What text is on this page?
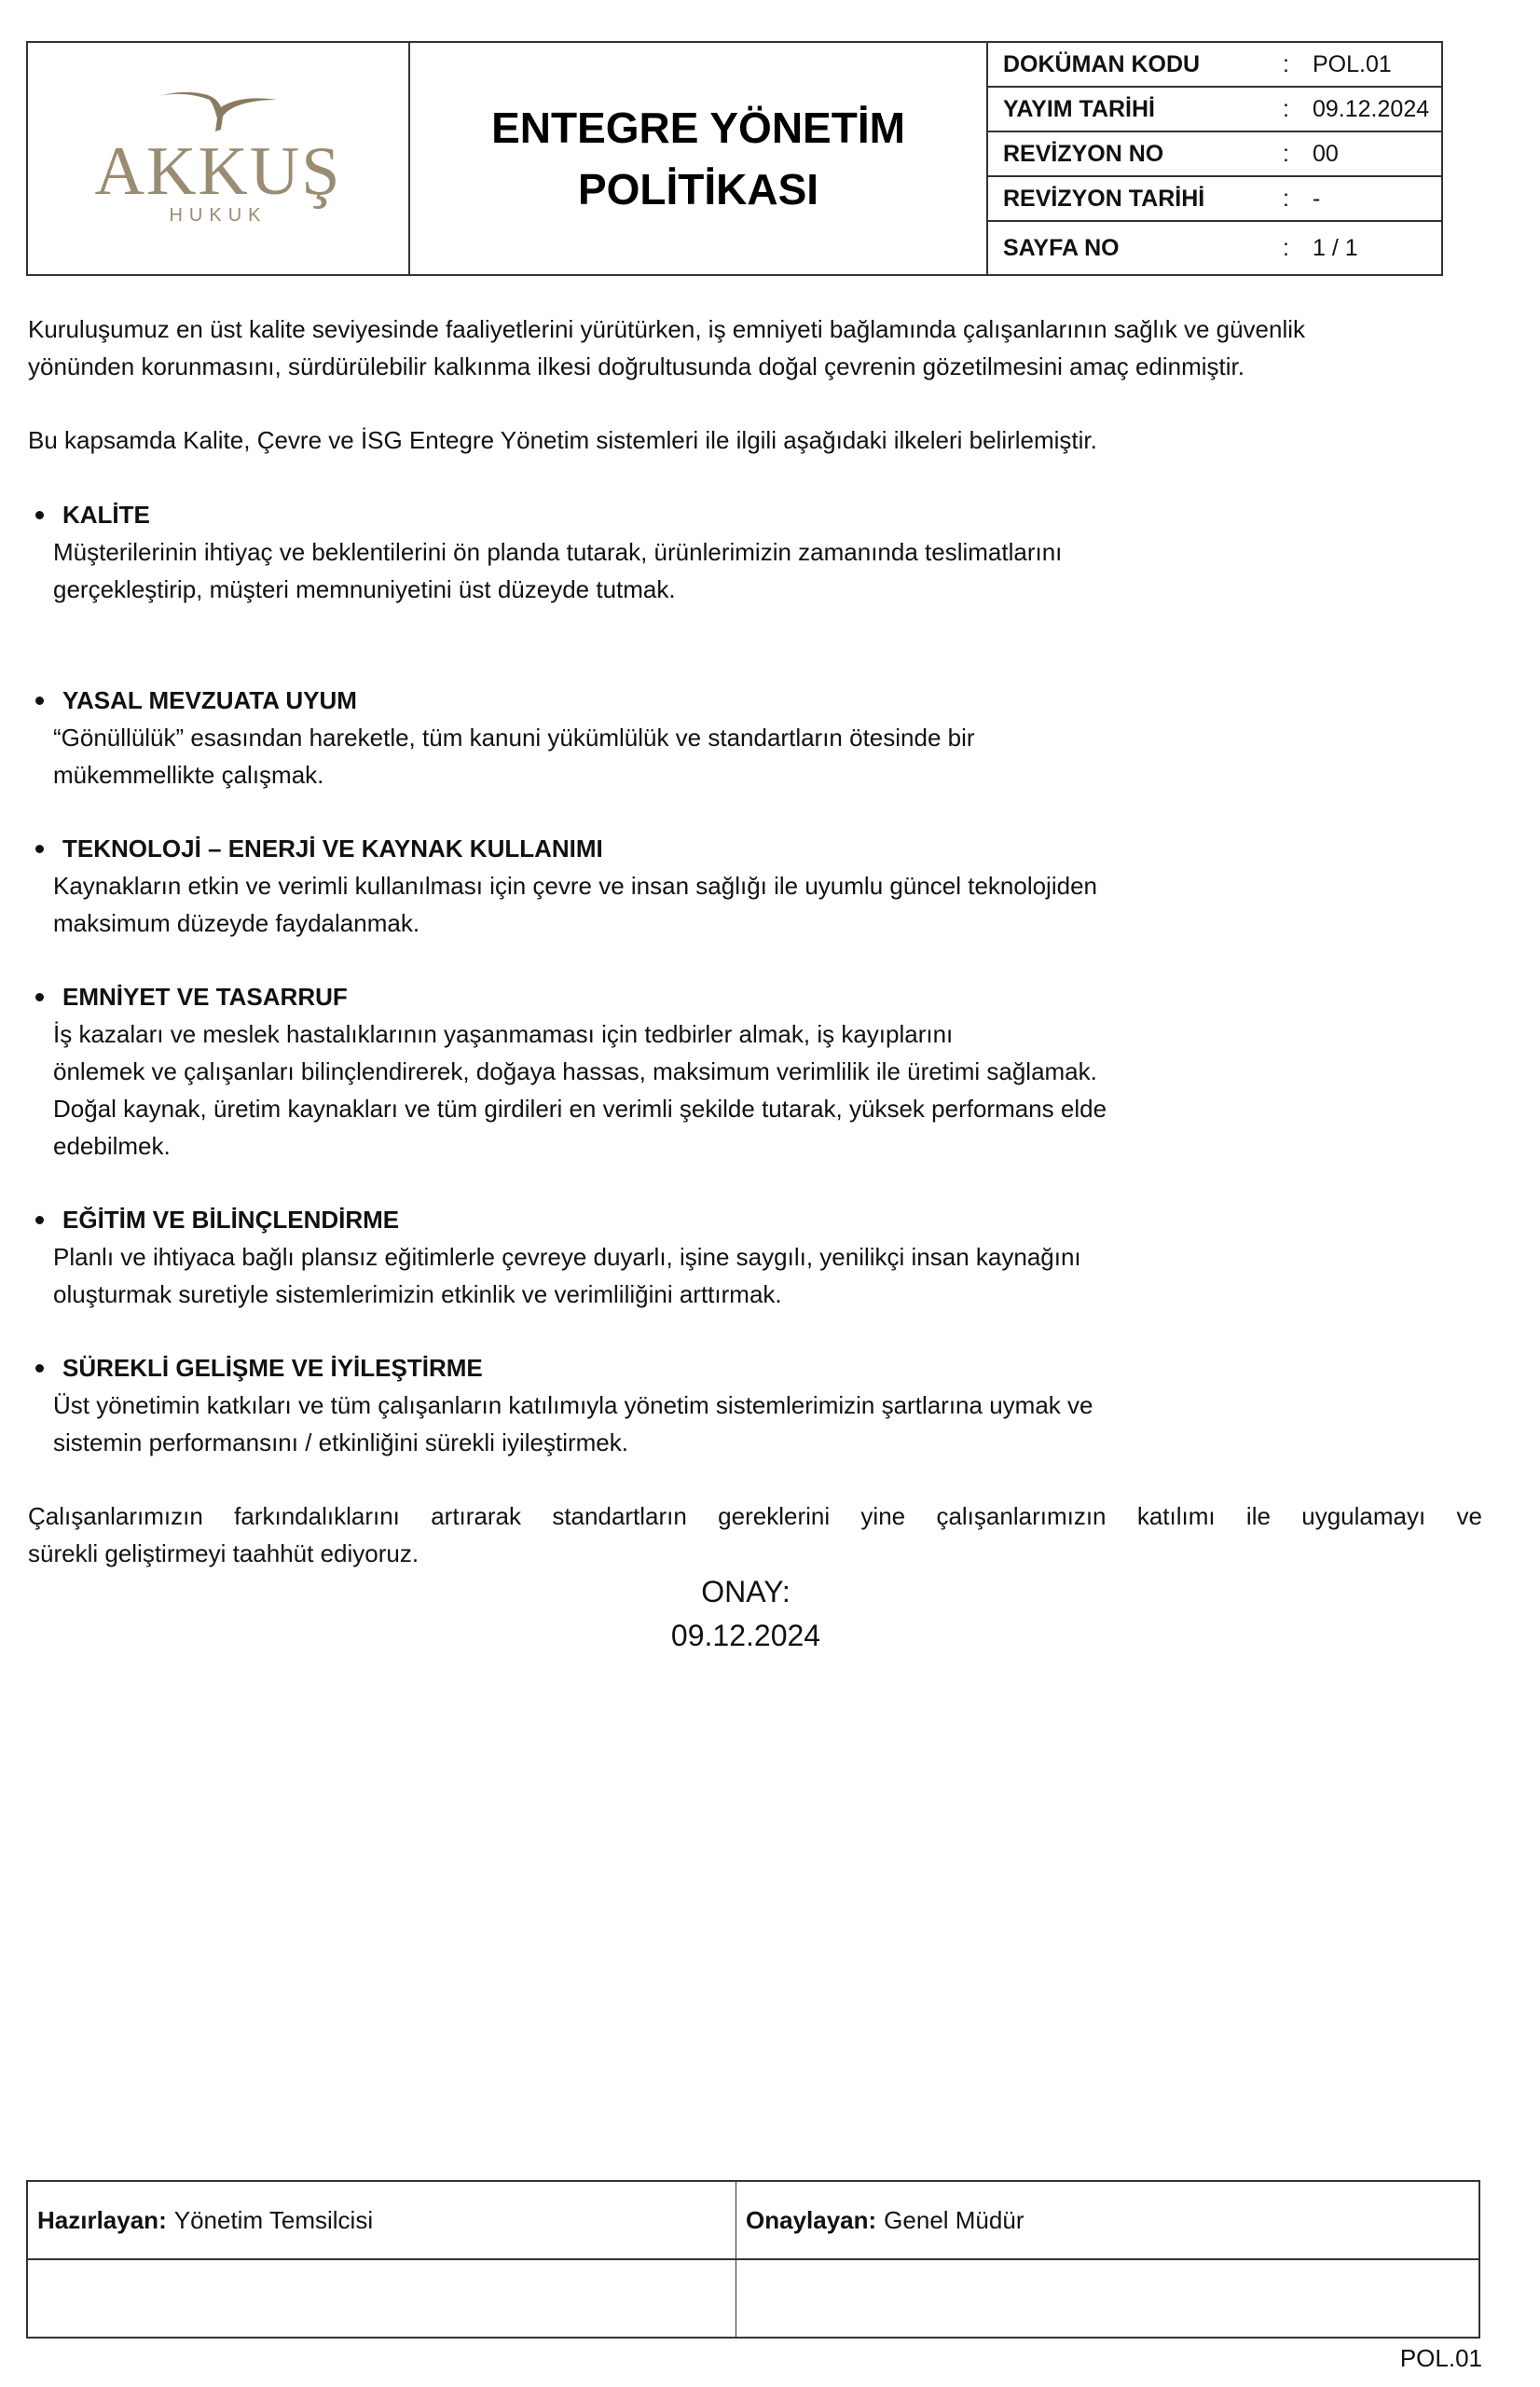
AKKUŞ
HUKUK
ENTEGRE YÖNETİM
POLİTİKASI
DOKÜMAN KODU	:	POL.01
YAYIM TARİHİ	:	09.12.2024
REVİZYON NO	:	00
REVİZYON TARİHİ	:	-
SAYFA NO	:	1 / 1
Kuruluşumuz en üst kalite seviyesinde faaliyetlerini yürütürken, iş emniyeti bağlamında çalışanlarının sağlık ve güvenlik
yönünden korunmasını, sürdürülebilir kalkınma ilkesi doğrultusunda doğal çevrenin gözetilmesini amaç edinmiştir.
Bu kapsamda Kalite, Çevre ve İSG Entegre Yönetim sistemleri ile ilgili aşağıdaki ilkeleri belirlemiştir.
KALİTE
Müşterilerinin ihtiyaç ve beklentilerini ön planda tutarak, ürünlerimizin zamanında teslimatlarını
gerçekleştirip, müşteri memnuniyetini üst düzeyde tutmak.
YASAL MEVZUATA UYUM
“Gönüllülük” esasından hareketle, tüm kanuni yükümlülük ve standartların ötesinde bir
mükemmellikte çalışmak.
TEKNOLOJİ – ENERJİ VE KAYNAK KULLANIMI
Kaynakların etkin ve verimli kullanılması için çevre ve insan sağlığı ile uyumlu güncel teknolojiden
maksimum düzeyde faydalanmak.
EMNİYET VE TASARRUF
İş kazaları ve meslek hastalıklarının yaşanmaması için tedbirler almak, iş kayıplarını
önlemek ve çalışanları bilinçlendirerek, doğaya hassas, maksimum verimlilik ile üretimi sağlamak.
Doğal kaynak, üretim kaynakları ve tüm girdileri en verimli şekilde tutarak, yüksek performans elde
edebilmek.
EĞİTİM VE BİLİNÇLENDİRME
Planlı ve ihtiyaca bağlı plansız eğitimlerle çevreye duyarlı, işine saygılı, yenilikçi insan kaynağını
oluşturmak suretiyle sistemlerimizin etkinlik ve verimliliğini arttırmak.
SÜREKLİ GELİŞME VE İYİLEŞTİRME
Üst yönetimin katkıları ve tüm çalışanların katılımıyla yönetim sistemlerimizin şartlarına uymak ve
sistemin performansını / etkinliğini sürekli iyileştirmek.
Çalışanlarımızın farkındalıklarını artırarak standartların gereklerini yine çalışanlarımızın katılımı ile uygulamayı ve
sürekli geliştirmeyi taahhüt ediyoruz.
ONAY:
09.12.2024
Hazırlayan: Yönetim Temsilcisi	Onaylayan: Genel Müdür
POL.01
